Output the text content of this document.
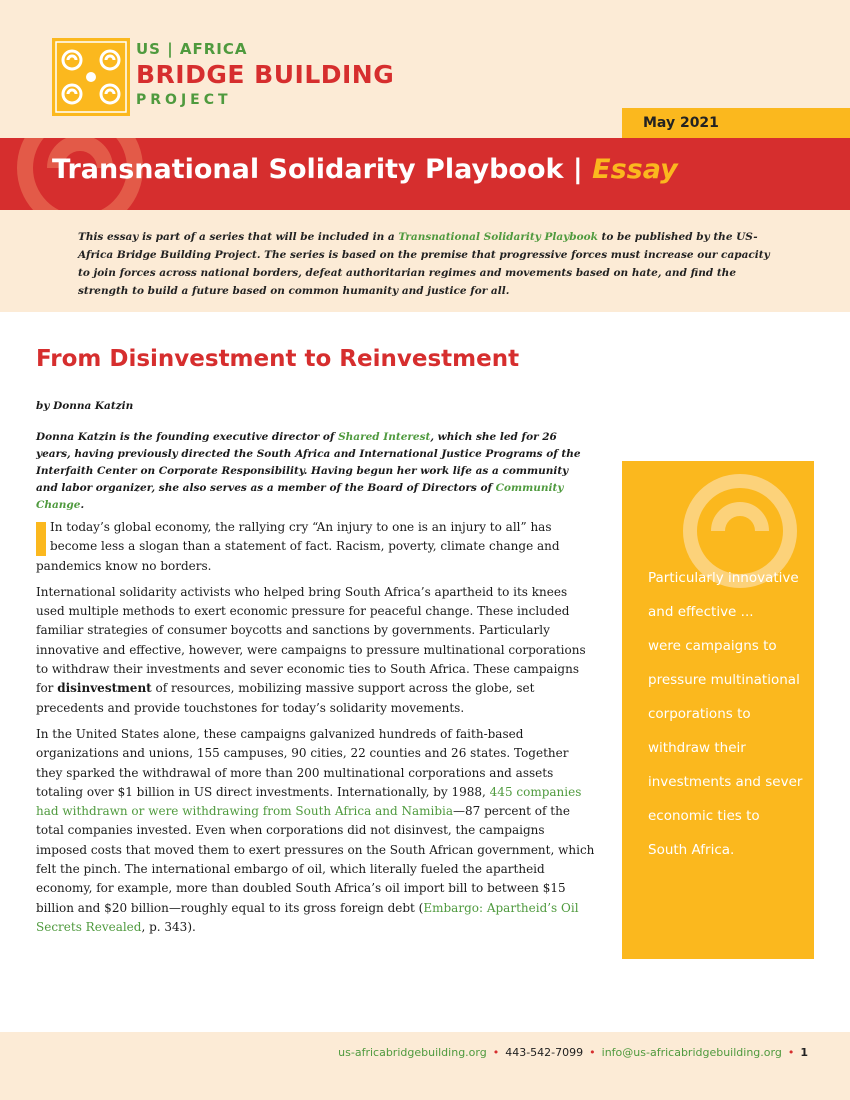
US | AFRICA
BRIDGE BUILDING
PROJECT
May 2021
Transnational Solidarity Playbook | Essay
This essay is part of a series that will be included in a Transnational Solidarity Playbook to be published by the US-Africa Bridge Building Project. The series is based on the premise that progressive forces must increase our capacity to join forces across national borders, defeat authoritarian regimes and movements based on hate, and find the strength to build a future based on common humanity and justice for all.
From Disinvestment to Reinvestment
by Donna Katzin
Donna Katzin is the founding executive director of Shared Interest, which she led for 26 years, having previously directed the South Africa and International Justice Programs of the Interfaith Center on Corporate Responsibility. Having begun her work life as a community and labor organizer, she also serves as a member of the Board of Directors of Community Change.

In today’s global economy, the rallying cry “An injury to one is an injury to all” has become less a slogan than a statement of fact. Racism, poverty, climate change and pandemics know no borders.

International solidarity activists who helped bring South Africa’s apartheid to its knees used multiple methods to exert economic pressure for peaceful change. These included familiar strategies of consumer boycotts and sanctions by governments. Particularly innovative and effective, however, were campaigns to pressure multinational corporations to withdraw their investments and sever economic ties to South Africa. These campaigns for disinvestment of resources, mobilizing massive support across the globe, set precedents and provide touchstones for today’s solidarity movements.

In the United States alone, these campaigns galvanized hundreds of faith-based organizations and unions, 155 campuses, 90 cities, 22 counties and 26 states. Together they sparked the withdrawal of more than 200 multinational corporations and assets totaling over $1 billion in US direct investments. Internationally, by 1988, 445 companies had withdrawn or were withdrawing from South Africa and Namibia—87 percent of the total companies invested. Even when corporations did not disinvest, the campaigns imposed costs that moved them to exert pressures on the South African government, which felt the pinch. The international embargo of oil, which literally fueled the apartheid economy, for example, more than doubled South Africa’s oil import bill to between $15 billion and $20 billion—roughly equal to its gross foreign debt (Embargo: Apartheid’s Oil Secrets Revealed, p. 343).

Particularly innovative
and effective ...
were campaigns to
pressure multinational
corporations to
withdraw their
investments and sever
economic ties to
South Africa.
us-africabridgebuilding.org • 443-542-7099 • info@us-africabridgebuilding.org • 1
